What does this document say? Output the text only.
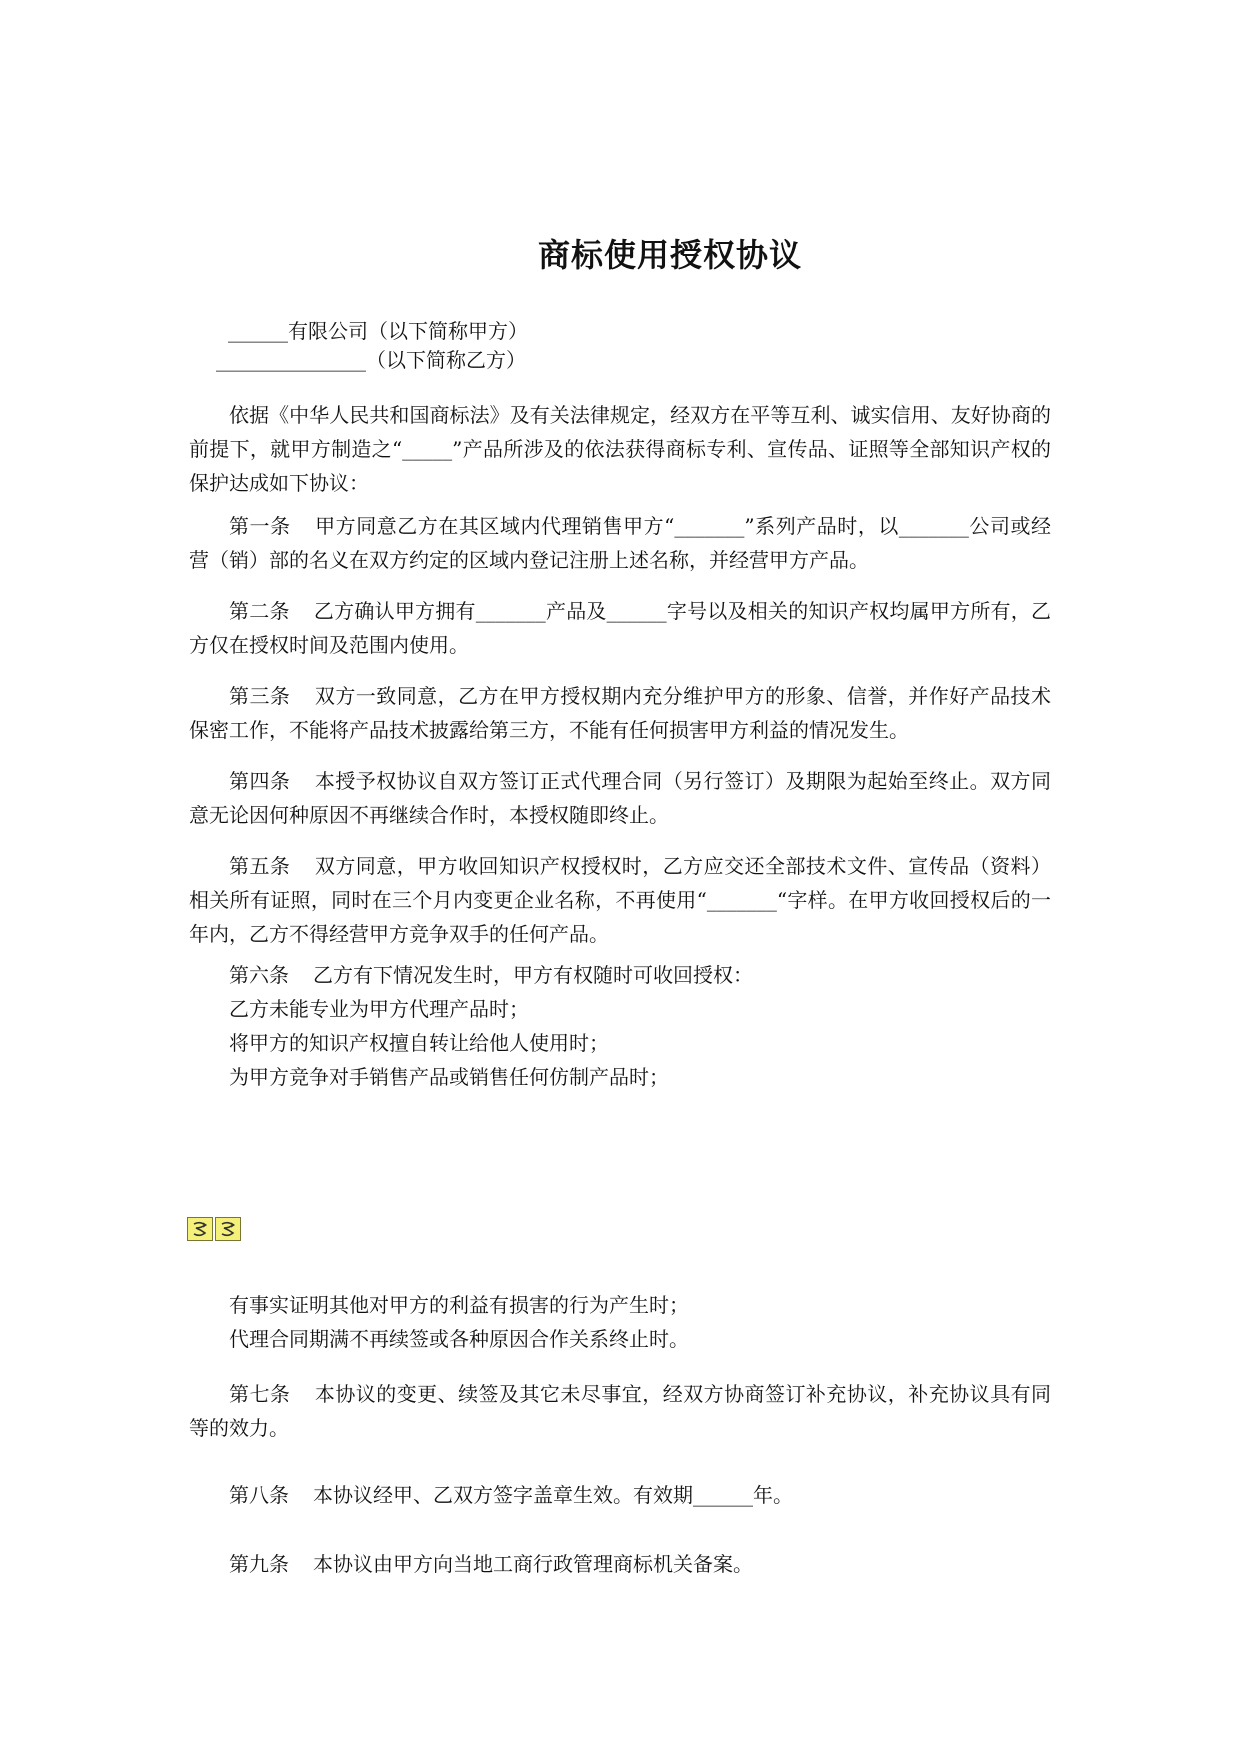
商标使用授权协议
______有限公司（以下简称甲方）
_______________（以下简称乙方）
依据《中华人民共和国商标法》及有关法律规定，经双方在平等互利、诚实信用、友好协商的前提下，就甲方制造之“_____”产品所涉及的依法获得商标专利、宣传品、证照等全部知识产权的保护达成如下协议：
第一条 甲方同意乙方在其区域内代理销售甲方“_______”系列产品时，以_______公司或经营（销）部的名义在双方约定的区域内登记注册上述名称，并经营甲方产品。
第二条 乙方确认甲方拥有_______产品及______字号以及相关的知识产权均属甲方所有，乙方仅在授权时间及范围内使用。
第三条 双方一致同意，乙方在甲方授权期内充分维护甲方的形象、信誉，并作好产品技术保密工作，不能将产品技术披露给第三方，不能有任何损害甲方利益的情况发生。
第四条 本授予权协议自双方签订正式代理合同（另行签订）及期限为起始至终止。双方同意无论因何种原因不再继续合作时，本授权随即终止。
第五条 双方同意，甲方收回知识产权授权时，乙方应交还全部技术文件、宣传品（资料）相关所有证照，同时在三个月内变更企业名称，不再使用“_______“字样。在甲方收回授权后的一年内，乙方不得经营甲方竞争双手的任何产品。
第六条 乙方有下情况发生时，甲方有权随时可收回授权：
乙方未能专业为甲方代理产品时；
将甲方的知识产权擅自转让给他人使用时；
为甲方竞争对手销售产品或销售任何仿制产品时；
有事实证明其他对甲方的利益有损害的行为产生时；
代理合同期满不再续签或各种原因合作关系终止时。
第七条 本协议的变更、续签及其它未尽事宜，经双方协商签订补充协议，补充协议具有同等的效力。
第八条 本协议经甲、乙双方签字盖章生效。有效期______年。
第九条 本协议由甲方向当地工商行政管理商标机关备案。
